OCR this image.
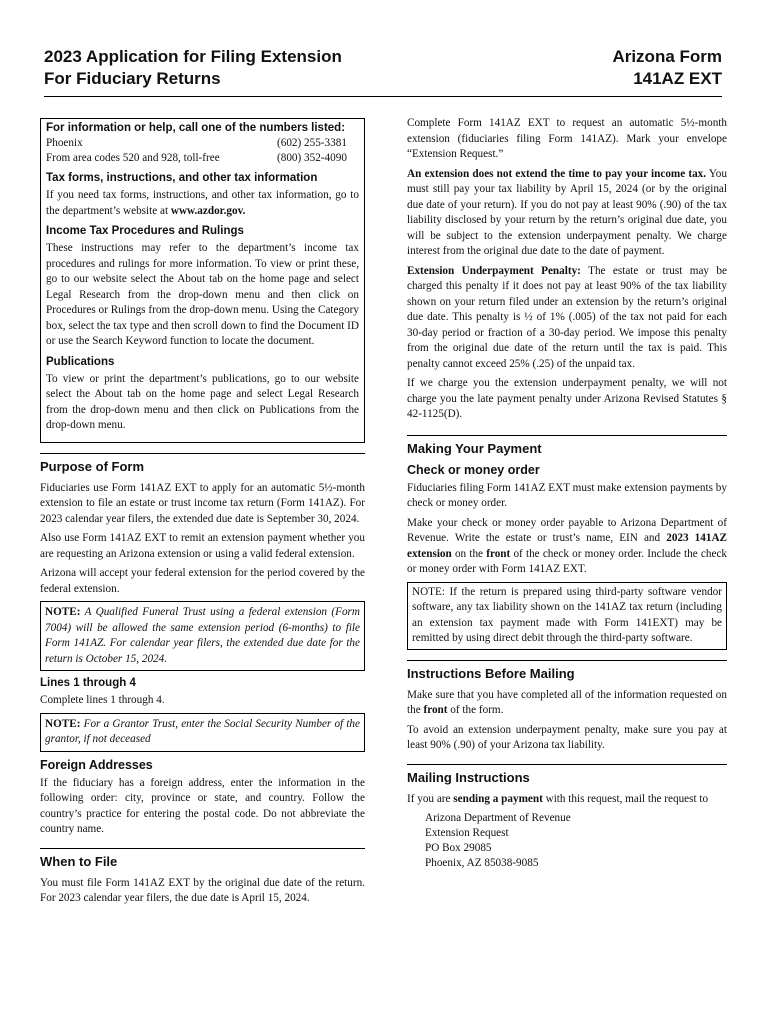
2023 Application for Filing Extension
For Fiduciary Returns
Arizona Form
141AZ EXT
For information or help, call one of the numbers listed:
Phoenix	(602) 255-3381
From area codes 520 and 928, toll-free	(800) 352-4090
Tax forms, instructions, and other tax information

If you need tax forms, instructions, and other tax information, go to the department’s website at www.azdor.gov.

Income Tax Procedures and Rulings

These instructions may refer to the department’s income tax procedures and rulings for more information. To view or print these, go to our website select the About tab on the home page and select Legal Research from the drop-down menu and then click on Procedures or Rulings from the drop-down menu. Using the Category box, select the tax type and then scroll down to find the Document ID or use the Search Keyword function to locate the document.

Publications

To view or print the department’s publications, go to our website select the About tab on the home page and select Legal Research from the drop-down menu and then click on Publications from the drop-down menu.

Purpose of Form

Fiduciaries use Form 141AZ EXT to apply for an automatic 5½-month extension to file an estate or trust income tax return (Form 141AZ). For 2023 calendar year filers, the extended due date is September 30, 2024.

Also use Form 141AZ EXT to remit an extension payment whether you are requesting an Arizona extension or using a valid federal extension.

Arizona will accept your federal extension for the period covered by the federal extension.

NOTE: A Qualified Funeral Trust using a federal extension (Form 7004) will be allowed the same extension period (6-months) to file Form 141AZ. For calendar year filers, the extended due date for the return is October 15, 2024.

Lines 1 through 4

Complete lines 1 through 4.

NOTE: For a Grantor Trust, enter the Social Security Number of the grantor, if not deceased

Foreign Addresses

If the fiduciary has a foreign address, enter the information in the following order: city, province or state, and country. Follow the country’s practice for entering the postal code. Do not abbreviate the country name.

When to File

You must file Form 141AZ EXT by the original due date of the return. For 2023 calendar year filers, the due date is April 15, 2024.

Complete Form 141AZ EXT to request an automatic 5½-month extension (fiduciaries filing Form 141AZ). Mark your envelope “Extension Request.”

An extension does not extend the time to pay your income tax. You must still pay your tax liability by April 15, 2024 (or by the original due date of your return). If you do not pay at least 90% (.90) of the tax liability disclosed by your return by the return’s original due date, you will be subject to the extension underpayment penalty. We charge interest from the original due date to the date of payment.

Extension Underpayment Penalty: The estate or trust may be charged this penalty if it does not pay at least 90% of the tax liability shown on your return filed under an extension by the return’s original due date. This penalty is ½ of 1% (.005) of the tax not paid for each 30-day period or fraction of a 30-day period. We impose this penalty from the original due date of the return until the tax is paid. This penalty cannot exceed 25% (.25) of the unpaid tax.

If we charge you the extension underpayment penalty, we will not charge you the late payment penalty under Arizona Revised Statutes § 42-1125(D).

Making Your Payment
Check or money order

Fiduciaries filing Form 141AZ EXT must make extension payments by check or money order.

Make your check or money order payable to Arizona Department of Revenue. Write the estate or trust’s name, EIN and 2023 141AZ extension on the front of the check or money order. Include the check or money order with Form 141AZ EXT.

NOTE: If the return is prepared using third-party software vendor software, any tax liability shown on the 141AZ tax return (including an extension tax payment made with Form 141EXT) may be remitted by using direct debit through the third-party software.

Instructions Before Mailing

Make sure that you have completed all of the information requested on the front of the form.

To avoid an extension underpayment penalty, make sure you pay at least 90% (.90) of your Arizona tax liability.

Mailing Instructions

If you are sending a payment with this request, mail the request to

Arizona Department of Revenue
Extension Request
PO Box 29085
Phoenix, AZ 85038-9085
